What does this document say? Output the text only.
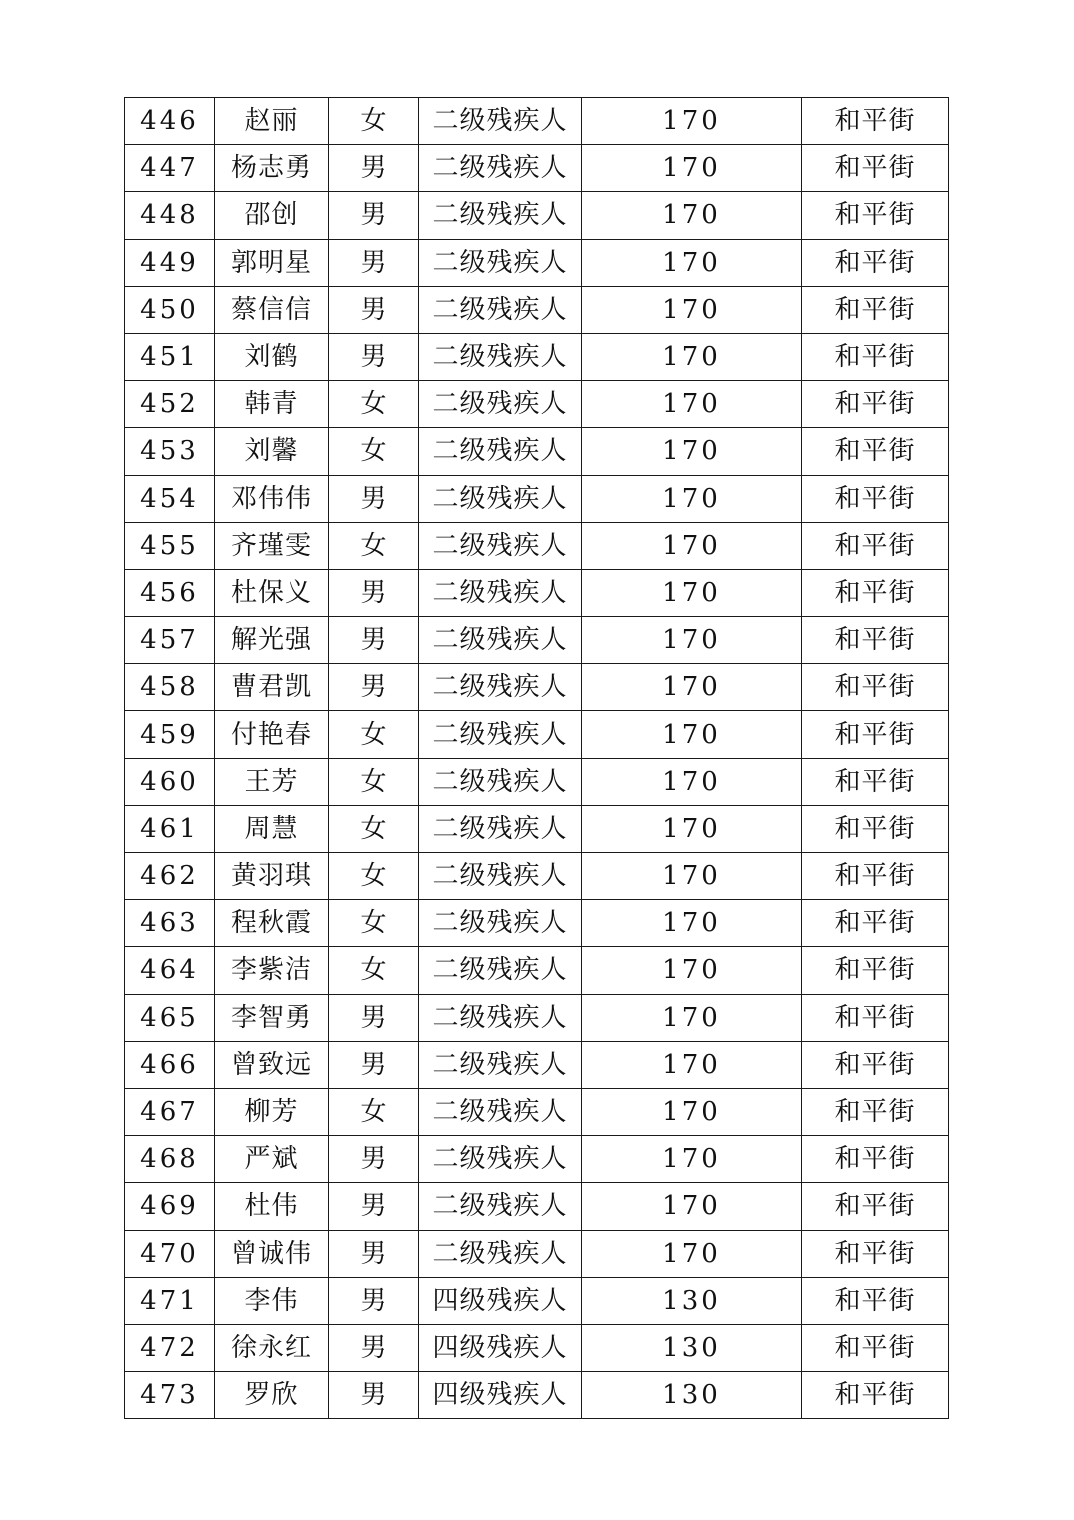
446	赵丽	女	二级残疾人	170	和平街
447	杨志勇	男	二级残疾人	170	和平街
448	邵创	男	二级残疾人	170	和平街
449	郭明星	男	二级残疾人	170	和平街
450	蔡信信	男	二级残疾人	170	和平街
451	刘鹤	男	二级残疾人	170	和平街
452	韩青	女	二级残疾人	170	和平街
453	刘馨	女	二级残疾人	170	和平街
454	邓伟伟	男	二级残疾人	170	和平街
455	齐瑾雯	女	二级残疾人	170	和平街
456	杜保义	男	二级残疾人	170	和平街
457	解光强	男	二级残疾人	170	和平街
458	曹君凯	男	二级残疾人	170	和平街
459	付艳春	女	二级残疾人	170	和平街
460	王芳	女	二级残疾人	170	和平街
461	周慧	女	二级残疾人	170	和平街
462	黄羽琪	女	二级残疾人	170	和平街
463	程秋霞	女	二级残疾人	170	和平街
464	李紫洁	女	二级残疾人	170	和平街
465	李智勇	男	二级残疾人	170	和平街
466	曾致远	男	二级残疾人	170	和平街
467	柳芳	女	二级残疾人	170	和平街
468	严斌	男	二级残疾人	170	和平街
469	杜伟	男	二级残疾人	170	和平街
470	曾诚伟	男	二级残疾人	170	和平街
471	李伟	男	四级残疾人	130	和平街
472	徐永红	男	四级残疾人	130	和平街
473	罗欣	男	四级残疾人	130	和平街
